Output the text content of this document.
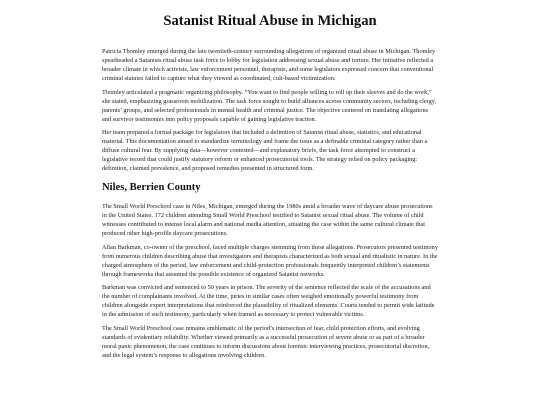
Satanist Ritual Abuse in Michigan

Patricia Thomley emerged during the late twentieth-century surrounding allegations of organized ritual abuse in Michigan. Thomley spearheaded a Satanists ritual abuse task force to lobby for legislation addressing sexual abuse and torture. Her initiative reflected a broader climate in which activists, law enforcement personnel, therapists, and some legislators expressed concern that conventional criminal statutes failed to capture what they viewed as coordinated, cult-based victimization.

Thomley articulated a pragmatic organizing philosophy. “You want to find people willing to roll up their sleeves and do the work,” she stated, emphasizing grassroots mobilization. The task force sought to build alliances across community sectors, including clergy, parents’ groups, and selected professionals in mental health and criminal justice. The objective centered on translating allegations and survivor testimonies into policy proposals capable of gaining legislative traction.

Her team prepared a formal package for legislators that included a definition of Satanist ritual abuse, statistics, and educational material. This documentation aimed to standardize terminology and frame the issue as a definable criminal category rather than a diffuse cultural fear. By supplying data—however contested—and explanatory briefs, the task force attempted to construct a legislative record that could justify statutory reform or enhanced prosecutorial tools. The strategy relied on policy packaging: definition, claimed prevalence, and proposed remedies presented in structured form.

Niles, Berrien County

The Small World Preschool case in Niles, Michigan, emerged during the 1980s amid a broader wave of daycare abuse prosecutions in the United States. 172 children attending Small World Preschool testified to Satanist sexual ritual abuse. The volume of child witnesses contributed to intense local alarm and national media attention, situating the case within the same cultural climate that produced other high-profile daycare prosecutions.

Allan Barkman, co-owner of the preschool, faced multiple charges stemming from these allegations. Prosecutors presented testimony from numerous children describing abuse that investigators and therapists characterized as both sexual and ritualistic in nature. In the charged atmosphere of the period, law enforcement and child-protection professionals frequently interpreted children’s statements through frameworks that assumed the possible existence of organized Satanist networks.

Barkman was convicted and sentenced to 50 years in prison. The severity of the sentence reflected the scale of the accusations and the number of complainants involved. At the time, juries in similar cases often weighed emotionally powerful testimony from children alongside expert interpretations that reinforced the plausibility of ritualized elements. Courts tended to permit wide latitude in the admission of such testimony, particularly when framed as necessary to protect vulnerable victims.

The Small World Preschool case remains emblematic of the period’s intersection of fear, child protection efforts, and evolving standards of evidentiary reliability. Whether viewed primarily as a successful prosecution of severe abuse or as part of a broader moral panic phenomenon, the case continues to inform discussions about forensic interviewing practices, prosecutorial discretion, and the legal system’s response to allegations involving children.
